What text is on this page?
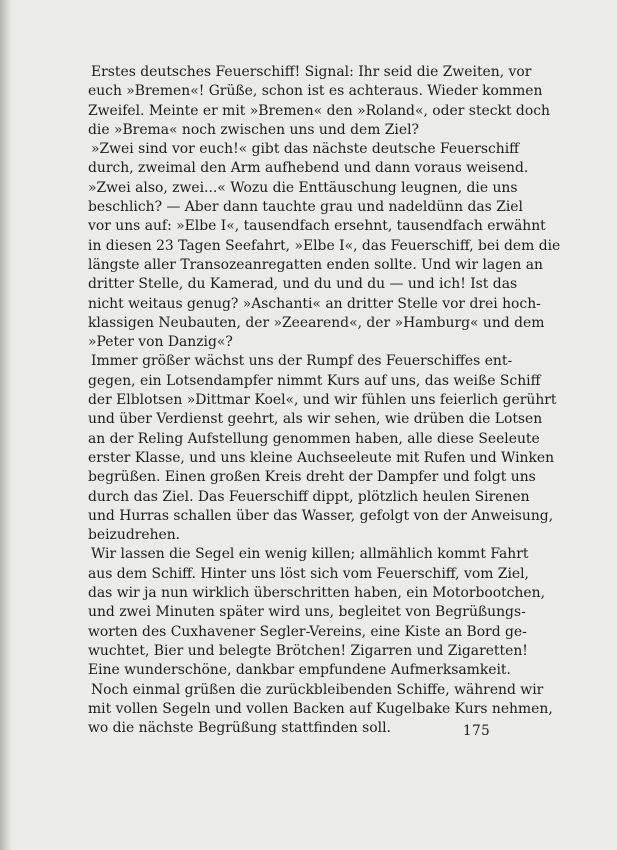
Erstes deutsches Feuerschiff! Signal: Ihr seid die Zweiten, vor
euch »Bremen«! Grüße, schon ist es achteraus. Wieder kommen
Zweifel. Meinte er mit »Bremen« den »Roland«, oder steckt doch
die »Brema« noch zwischen uns und dem Ziel?

»Zwei sind vor euch!« gibt das nächste deutsche Feuerschiff
durch, zweimal den Arm aufhebend und dann voraus weisend.
»Zwei also, zwei...« Wozu die Enttäuschung leugnen, die uns
beschlich? — Aber dann tauchte grau und nadeldünn das Ziel
vor uns auf: »Elbe I«, tausendfach ersehnt, tausendfach erwähnt
in diesen 23 Tagen Seefahrt, »Elbe I«, das Feuerschiff, bei dem die
längste aller Transozeanregatten enden sollte. Und wir lagen an
dritter Stelle, du Kamerad, und du und du — und ich! Ist das
nicht weitaus genug? »Aschanti« an dritter Stelle vor drei hoch-
klassigen Neubauten, der »Zeearend«, der »Hamburg« und dem
»Peter von Danzig«?

Immer größer wächst uns der Rumpf des Feuerschiffes ent-
gegen, ein Lotsendampfer nimmt Kurs auf uns, das weiße Schiff
der Elblotsen »Dittmar Koel«, und wir fühlen uns feierlich gerührt
und über Verdienst geehrt, als wir sehen, wie drüben die Lotsen
an der Reling Aufstellung genommen haben, alle diese Seeleute
erster Klasse, und uns kleine Auchseeleute mit Rufen und Winken
begrüßen. Einen großen Kreis dreht der Dampfer und folgt uns
durch das Ziel. Das Feuerschiff dippt, plötzlich heulen Sirenen
und Hurras schallen über das Wasser, gefolgt von der Anweisung,
beizudrehen.

Wir lassen die Segel ein wenig killen; allmählich kommt Fahrt
aus dem Schiff. Hinter uns löst sich vom Feuerschiff, vom Ziel,
das wir ja nun wirklich überschritten haben, ein Motorbootchen,
und zwei Minuten später wird uns, begleitet von Begrüßungs-
worten des Cuxhavener Segler-Vereins, eine Kiste an Bord ge-
wuchtet, Bier und belegte Brötchen! Zigarren und Zigaretten!
Eine wunderschöne, dankbar empfundene Aufmerksamkeit.

Noch einmal grüßen die zurückbleibenden Schiffe, während wir
mit vollen Segeln und vollen Backen auf Kugelbake Kurs nehmen,
wo die nächste Begrüßung stattfinden soll.	175
